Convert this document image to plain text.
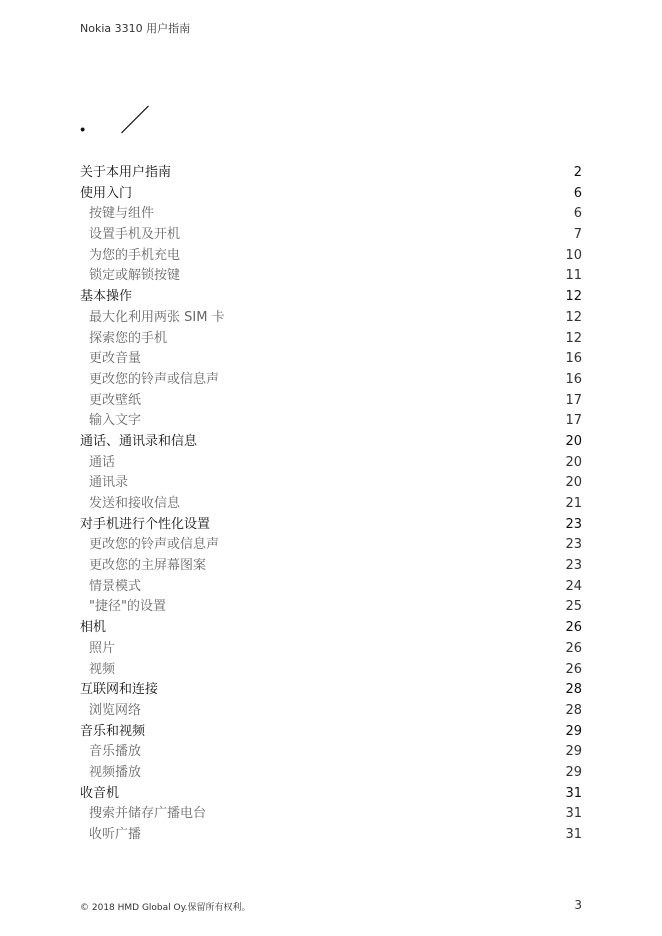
Nokia 3310 用户指南
．／
关于本用户指南	2
使用入门	6
按键与组件	6
设置手机及开机	7
为您的手机充电	10
锁定或解锁按键	11
基本操作	12
最大化利用两张 SIM 卡	12
探索您的手机	12
更改音量	16
更改您的铃声或信息声	16
更改壁纸	17
输入文字	17
通话、通讯录和信息	20
通话	20
通讯录	20
发送和接收信息	21
对手机进行个性化设置	23
更改您的铃声或信息声	23
更改您的主屏幕图案	23
情景模式	24
"捷径"的设置	25
相机	26
照片	26
视频	26
互联网和连接	28
浏览网络	28
音乐和视频	29
音乐播放	29
视频播放	29
收音机	31
搜索并储存广播电台	31
收听广播	31
© 2018 HMD Global Oy.保留所有权利。	3
